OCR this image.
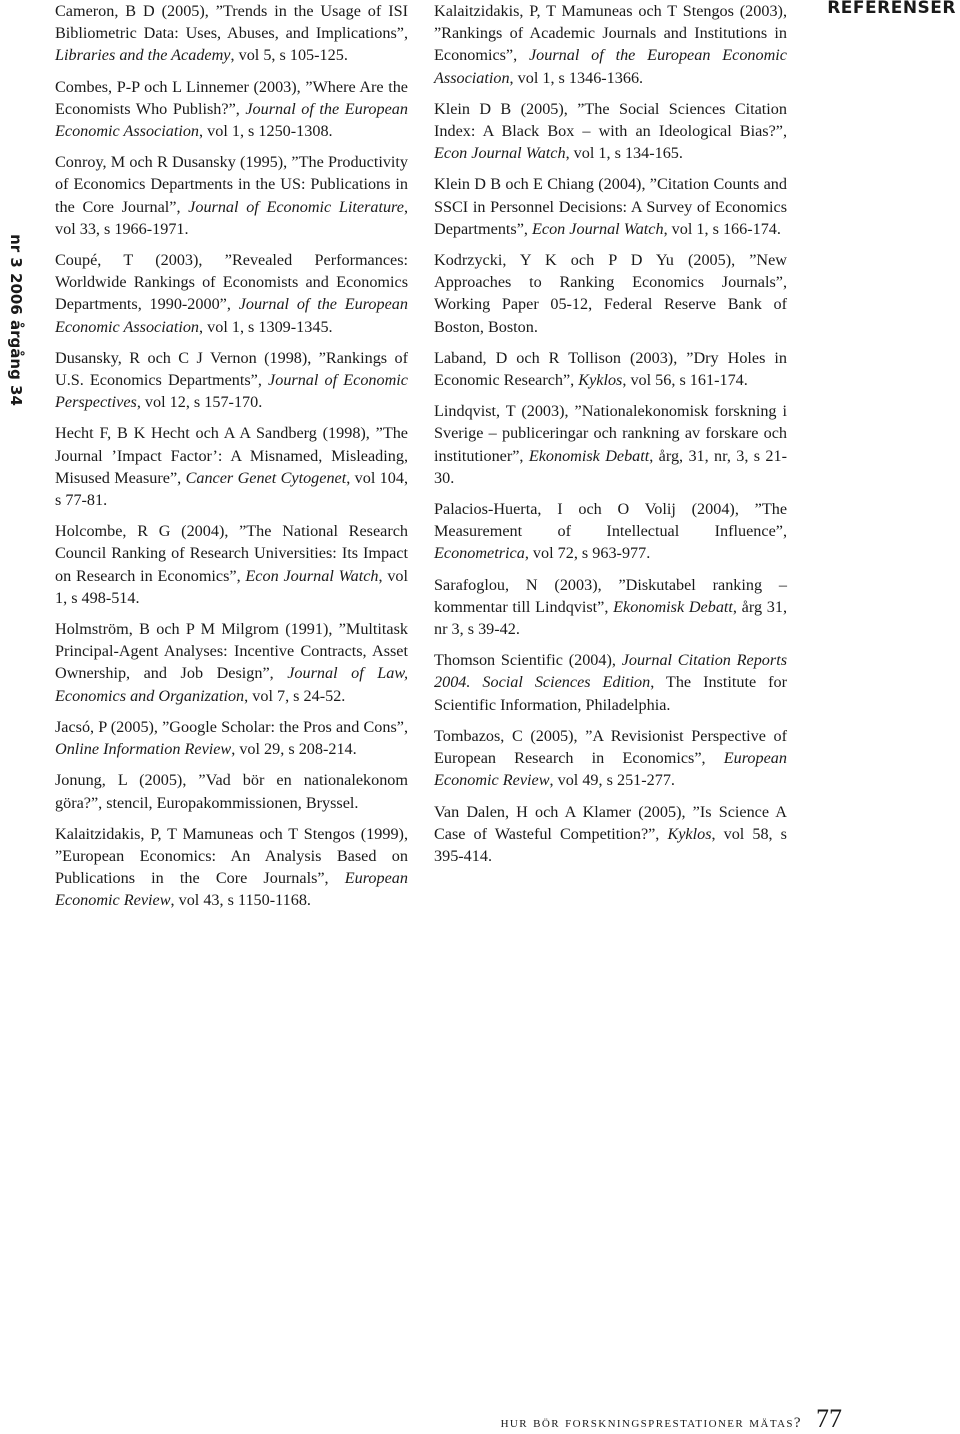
nr 3 2006 årgång 34
REFERENSER

Cameron, B D (2005), ”Trends in the Usage of ISI Bibliometric Data: Uses, Abuses, and Implications”, Libraries and the Academy, vol 5, s 105-125.

Combes, P-P och L Linnemer (2003), ”Where Are the Economists Who Publish?”, Journal of the European Economic Association, vol 1, s 1250-1308.

Conroy, M och R Dusansky (1995), ”The Productivity of Economics Departments in the US: Publications in the Core Journal”, Journal of Economic Literature, vol 33, s 1966-1971.

Coupé, T (2003), ”Revealed Performances: Worldwide Rankings of Economists and Economics Departments, 1990-2000”, Journal of the European Economic Association, vol 1, s 1309-1345.

Dusansky, R och C J Vernon (1998), ”Rankings of U.S. Economics Departments”, Journal of Economic Perspectives, vol 12, s 157-170.

Hecht F, B K Hecht och A A Sandberg (1998), ”The Journal ’Impact Factor’: A Misnamed, Misleading, Misused Measure”, Cancer Genet Cytogenet, vol 104, s 77-81.

Holcombe, R G (2004), ”The National Research Council Ranking of Research Universities: Its Impact on Research in Economics”, Econ Journal Watch, vol 1, s 498-514.

Holmström, B och P M Milgrom (1991), ”Multitask Principal-Agent Analyses: Incentive Contracts, Asset Ownership, and Job Design”, Journal of Law, Economics and Organization, vol 7, s 24-52.

Jacsó, P (2005), ”Google Scholar: the Pros and Cons”, Online Information Review, vol 29, s 208-214.

Jonung, L (2005), ”Vad bör en nationalekonom göra?”, stencil, Europakommissionen, Bryssel.

Kalaitzidakis, P, T Mamuneas och T Stengos (1999), ”European Economics: An Analysis Based on Publications in the Core Journals”, European Economic Review, vol 43, s 1150-1168.

Kalaitzidakis, P, T Mamuneas och T Stengos (2003), ”Rankings of Academic Journals and Institutions in Economics”, Journal of the European Economic Association, vol 1, s 1346-1366.

Klein D B (2005), ”The Social Sciences Citation Index: A Black Box – with an Ideological Bias?”, Econ Journal Watch, vol 1, s 134-165.

Klein D B och E Chiang (2004), ”Citation Counts and SSCI in Personnel Decisions: A Survey of Economics Departments”, Econ Journal Watch, vol 1, s 166-174.

Kodrzycki, Y K och P D Yu (2005), ”New Approaches to Ranking Economics Journals”, Working Paper 05-12, Federal Reserve Bank of Boston, Boston.

Laband, D och R Tollison (2003), ”Dry Holes in Economic Research”, Kyklos, vol 56, s 161-174.

Lindqvist, T (2003), ”Nationalekonomisk forskning i Sverige – publiceringar och rankning av forskare och institutioner”, Ekonomisk Debatt, årg, 31, nr, 3, s 21-30.

Palacios-Huerta, I och O Volij (2004), ”The Measurement of Intellectual Influence”, Econometrica, vol 72, s 963-977.

Sarafoglou, N (2003), ”Diskutabel ranking – kommentar till Lindqvist”, Ekonomisk Debatt, årg 31, nr 3, s 39-42.

Thomson Scientific (2004), Journal Citation Reports 2004. Social Sciences Edition, The Institute for Scientific Information, Philadelphia.

Tombazos, C (2005), ”A Revisionist Perspective of European Research in Economics”, European Economic Review, vol 49, s 251-277.

Van Dalen, H och A Klamer (2005), ”Is Science A Case of Wasteful Competition?”, Kyklos, vol 58, s 395-414.

hur bör forskningsprestationer mätas? 77
